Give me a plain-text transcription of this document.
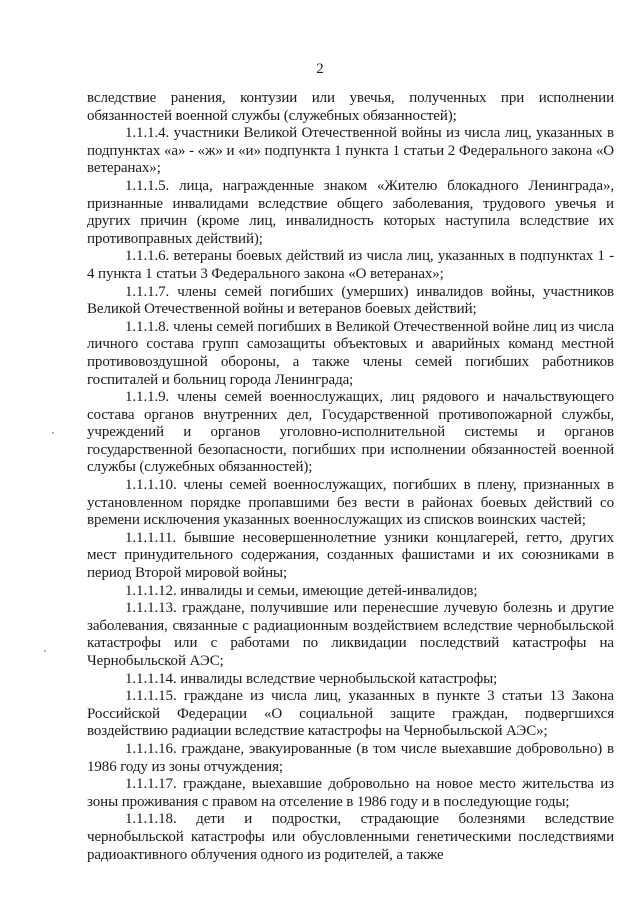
2

вследствие ранения, контузии или увечья, полученных при исполнении обязанностей военной службы (служебных обязанностей);

1.1.1.4. участники Великой Отечественной войны из числа лиц, указанных в подпунктах «а» - «ж» и «и» подпункта 1 пункта 1 статьи 2 Федерального закона «О ветеранах»;

1.1.1.5. лица, награжденные знаком «Жителю блокадного Ленинграда», признанные инвалидами вследствие общего заболевания, трудового увечья и других причин (кроме лиц, инвалидность которых наступила вследствие их противоправных действий);

1.1.1.6. ветераны боевых действий из числа лиц, указанных в подпунктах 1 - 4 пункта 1 статьи 3 Федерального закона «О ветеранах»;

1.1.1.7. члены семей погибших (умерших) инвалидов войны, участников Великой Отечественной войны и ветеранов боевых действий;

1.1.1.8. члены семей погибших в Великой Отечественной войне лиц из числа личного состава групп самозащиты объектовых и аварийных команд местной противовоздушной обороны, а также члены семей погибших работников госпиталей и больниц города Ленинграда;

1.1.1.9. члены семей военнослужащих, лиц рядового и начальствующего состава органов внутренних дел, Государственной противопожарной службы, учреждений и органов уголовно-исполнительной системы и органов государственной безопасности, погибших при исполнении обязанностей военной службы (служебных обязанностей);

1.1.1.10. члены семей военнослужащих, погибших в плену, признанных в установленном порядке пропавшими без вести в районах боевых действий со времени исключения указанных военнослужащих из списков воинских частей;

1.1.1.11. бывшие несовершеннолетние узники концлагерей, гетто, других мест принудительного содержания, созданных фашистами и их союзниками в период Второй мировой войны;

1.1.1.12. инвалиды и семьи, имеющие детей-инвалидов;

1.1.1.13. граждане, получившие или перенесшие лучевую болезнь и другие заболевания, связанные с радиационным воздействием вследствие чернобыльской катастрофы или с работами по ликвидации последствий катастрофы на Чернобыльской АЭС;

1.1.1.14. инвалиды вследствие чернобыльской катастрофы;

1.1.1.15. граждане из числа лиц, указанных в пункте 3 статьи 13 Закона Российской Федерации «О социальной защите граждан, подвергшихся воздействию радиации вследствие катастрофы на Чернобыльской АЭС»;

1.1.1.16. граждане, эвакуированные (в том числе выехавшие добровольно) в 1986 году из зоны отчуждения;

1.1.1.17. граждане, выехавшие добровольно на новое место жительства из зоны проживания с правом на отселение в 1986 году и в последующие годы;

1.1.1.18. дети и подростки, страдающие болезнями вследствие чернобыльской катастрофы или обусловленными генетическими последствиями радиоактивного облучения одного из родителей, а также
